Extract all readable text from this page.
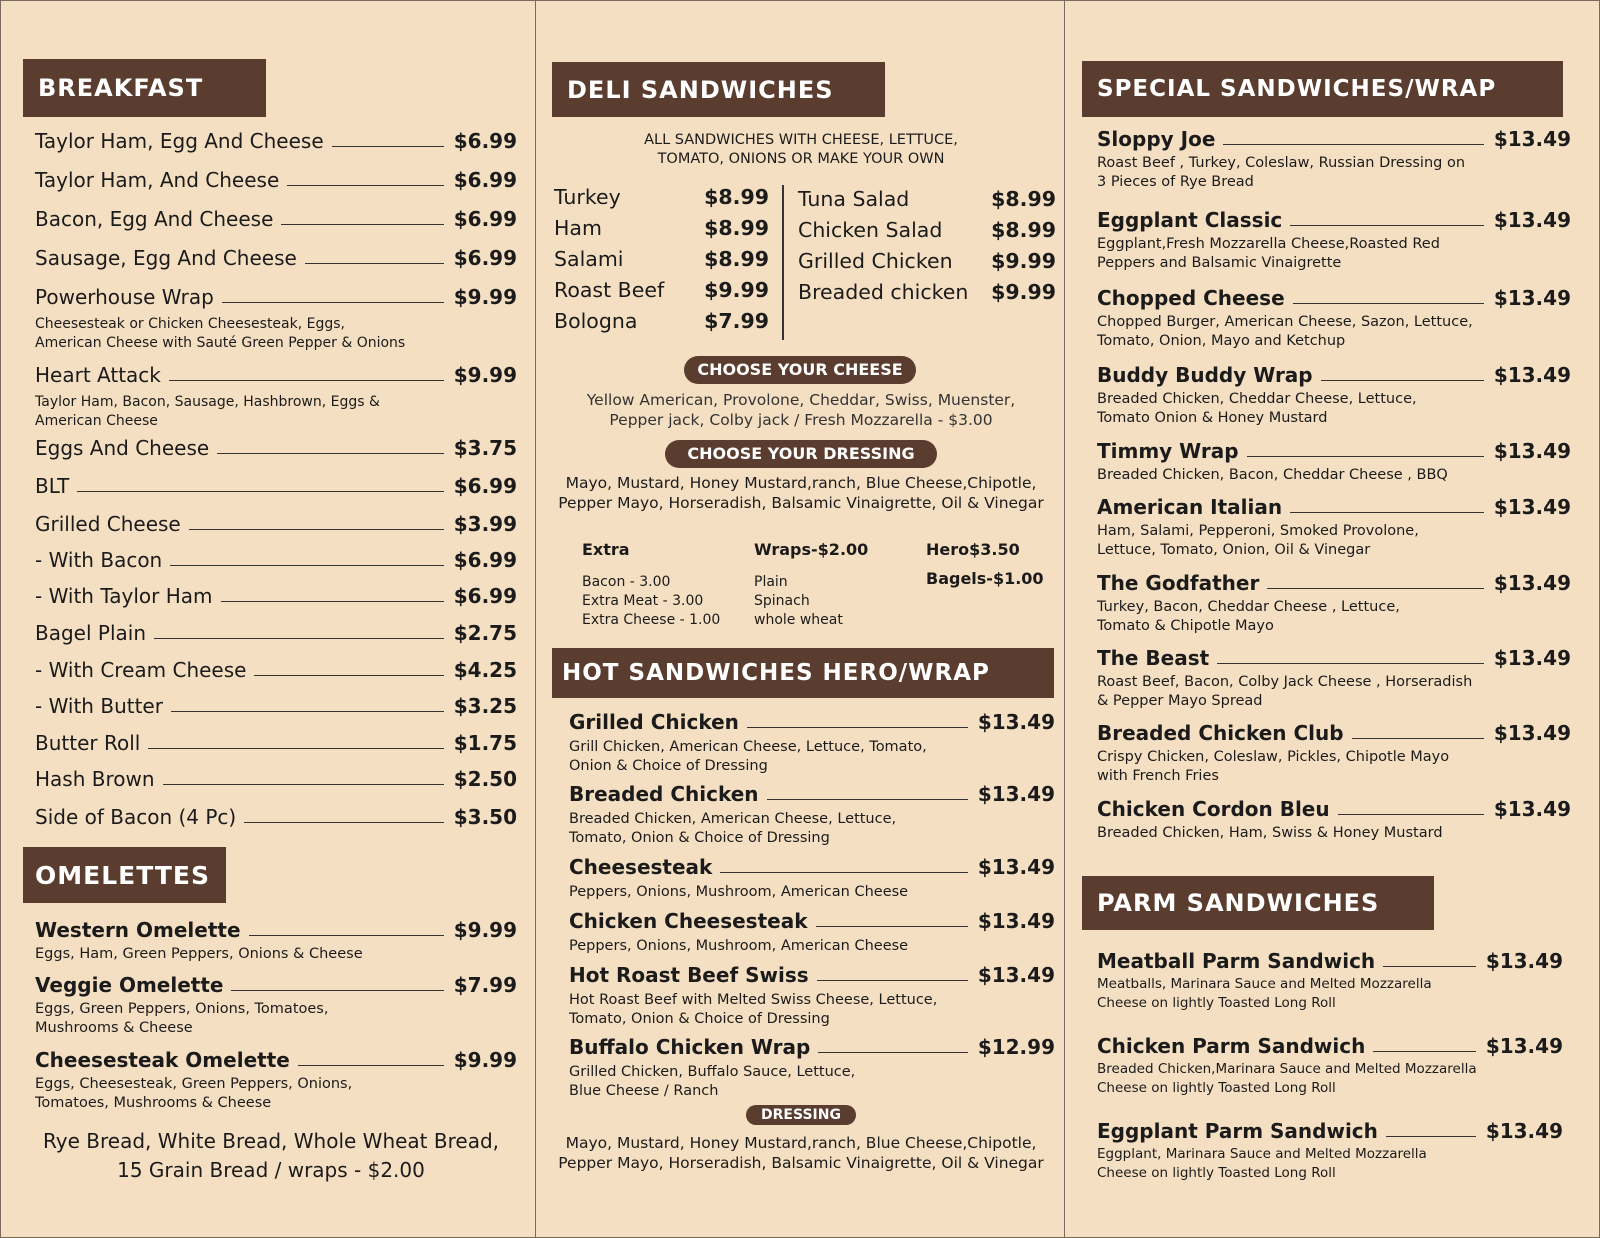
BREAKFAST
Taylor Ham, Egg And Cheese	$6.99
Taylor Ham, And Cheese	$6.99
Bacon, Egg And Cheese	$6.99
Sausage, Egg And Cheese	$6.99
Powerhouse Wrap	$9.99
Cheesesteak or Chicken Cheesesteak, Eggs,
American Cheese with Sauté Green Pepper & Onions
Heart Attack	$9.99
Taylor Ham, Bacon, Sausage, Hashbrown, Eggs &
American Cheese
Eggs And Cheese	$3.75
BLT	$6.99
Grilled Cheese	$3.99
- With Bacon	$6.99
- With Taylor Ham	$6.99
Bagel Plain	$2.75
- With Cream Cheese	$4.25
- With Butter	$3.25
Butter Roll	$1.75
Hash Brown	$2.50
Side of Bacon (4 Pc)	$3.50
OMELETTES
Western Omelette	$9.99
Eggs, Ham, Green Peppers, Onions & Cheese
Veggie Omelette	$7.99
Eggs, Green Peppers, Onions, Tomatoes,
Mushrooms & Cheese
Cheesesteak Omelette	$9.99
Eggs, Cheesesteak, Green Peppers, Onions,
Tomatoes, Mushrooms & Cheese
Rye Bread, White Bread, Whole Wheat Bread,
15 Grain Bread / wraps - $2.00
DELI SANDWICHES
ALL SANDWICHES WITH CHEESE, LETTUCE,
TOMATO, ONIONS OR MAKE YOUR OWN
Turkey	$8.99
Ham	$8.99
Salami	$8.99
Roast Beef $9.99
Bologna	$7.99
Tuna Salad	$8.99
Chicken Salad $8.99
Grilled Chicken $9.99
Breaded chicken $9.99
CHOOSE YOUR CHEESE
Yellow American, Provolone, Cheddar, Swiss, Muenster,
Pepper jack, Colby jack / Fresh Mozzarella - $3.00
CHOOSE YOUR DRESSING
Mayo, Mustard, Honey Mustard,ranch, Blue Cheese,Chipotle,
Pepper Mayo, Horseradish, Balsamic Vinaigrette, Oil & Vinegar
Extra
Bacon - 3.00
Extra Meat - 3.00
Extra Cheese - 1.00
Wraps-$2.00
Plain
Spinach
whole wheat
Hero$3.50
Bagels-$1.00
HOT SANDWICHES HERO/WRAP
Grilled Chicken	$13.49
Grill Chicken, American Cheese, Lettuce, Tomato,
Onion & Choice of Dressing
Breaded Chicken	$13.49
Breaded Chicken, American Cheese, Lettuce,
Tomato, Onion & Choice of Dressing
Cheesesteak	$13.49
Peppers, Onions, Mushroom, American Cheese
Chicken Cheesesteak	$13.49
Peppers, Onions, Mushroom, American Cheese
Hot Roast Beef Swiss	$13.49
Hot Roast Beef with Melted Swiss Cheese, Lettuce,
Tomato, Onion & Choice of Dressing
Buffalo Chicken Wrap	$12.99
Grilled Chicken, Buffalo Sauce, Lettuce,
Blue Cheese / Ranch
DRESSING
Mayo, Mustard, Honey Mustard,ranch, Blue Cheese,Chipotle,
Pepper Mayo, Horseradish, Balsamic Vinaigrette, Oil & Vinegar
SPECIAL SANDWICHES/WRAP
Sloppy Joe	$13.49
Roast Beef , Turkey, Coleslaw, Russian Dressing on
3 Pieces of Rye Bread
Eggplant Classic	$13.49
Eggplant,Fresh Mozzarella Cheese,Roasted Red
Peppers and Balsamic Vinaigrette
Chopped Cheese	$13.49
Chopped Burger, American Cheese, Sazon, Lettuce,
Tomato, Onion, Mayo and Ketchup
Buddy Buddy Wrap	$13.49
Breaded Chicken, Cheddar Cheese, Lettuce,
Tomato Onion & Honey Mustard
Timmy Wrap	$13.49
Breaded Chicken, Bacon, Cheddar Cheese , BBQ
American Italian	$13.49
Ham, Salami, Pepperoni, Smoked Provolone,
Lettuce, Tomato, Onion, Oil & Vinegar
The Godfather	$13.49
Turkey, Bacon, Cheddar Cheese , Lettuce,
Tomato & Chipotle Mayo
The Beast	$13.49
Roast Beef, Bacon, Colby Jack Cheese , Horseradish
& Pepper Mayo Spread
Breaded Chicken Club	$13.49
Crispy Chicken, Coleslaw, Pickles, Chipotle Mayo
with French Fries
Chicken Cordon Bleu	$13.49
Breaded Chicken, Ham, Swiss & Honey Mustard
PARM SANDWICHES
Meatball Parm Sandwich	$13.49
Meatballs, Marinara Sauce and Melted Mozzarella
Cheese on lightly Toasted Long Roll
Chicken Parm Sandwich	$13.49
Breaded Chicken,Marinara Sauce and Melted Mozzarella
Cheese on lightly Toasted Long Roll
Eggplant Parm Sandwich	$13.49
Eggplant, Marinara Sauce and Melted Mozzarella
Cheese on lightly Toasted Long Roll
